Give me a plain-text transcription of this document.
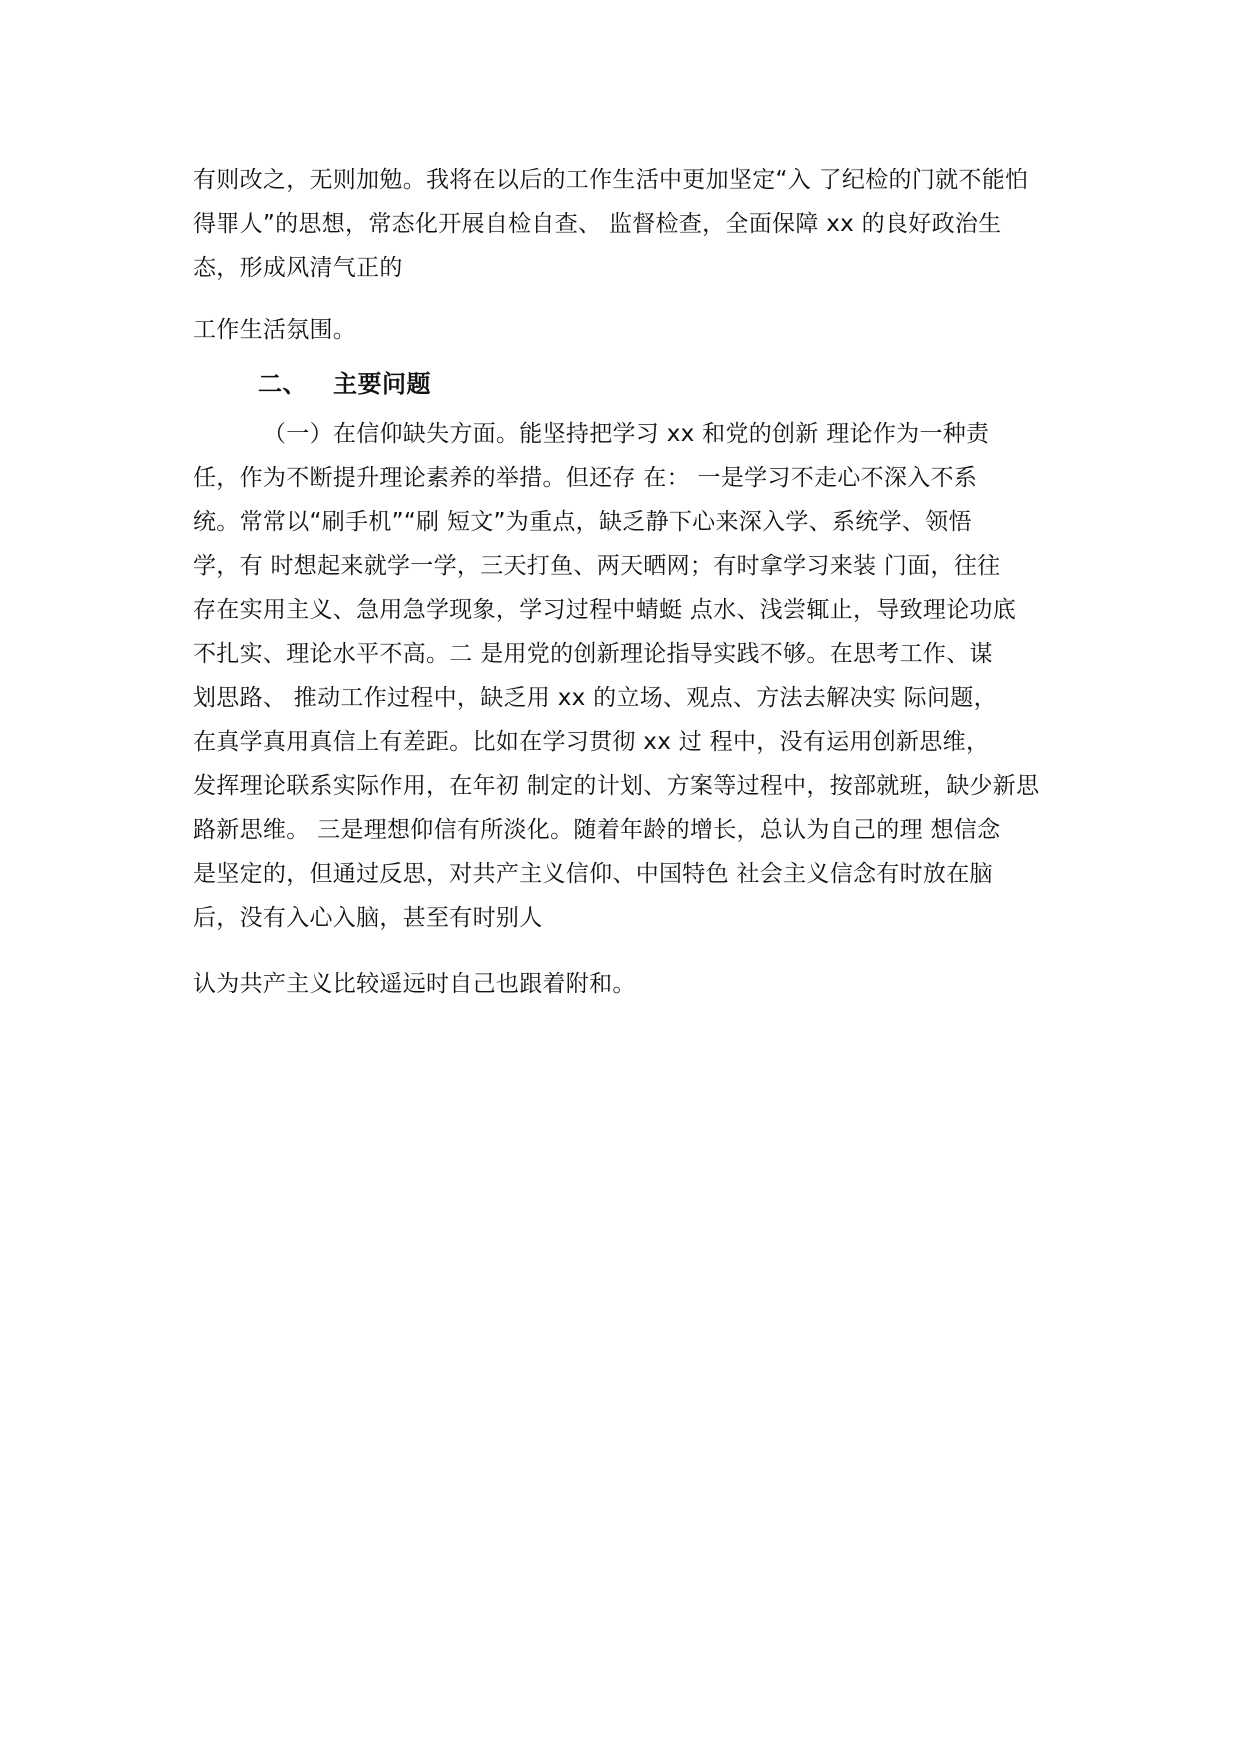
有则改之，无则加勉。我将在以后的工作生活中更加坚定“入 了纪检的门就不能怕
得罪人”的思想，常态化开展自检自查、 监督检查，全面保障 xx 的良好政治生
态，形成风清气正的
工作生活氛围。
二、 主要问题
（一）在信仰缺失方面。能坚持把学习 xx 和党的创新 理论作为一种责
任，作为不断提升理论素养的举措。但还存 在： 一是学习不走心不深入不系
统。常常以“刷手机”“刷 短文”为重点，缺乏静下心来深入学、系统学、领悟
学，有 时想起来就学一学，三天打鱼、两天晒网；有时拿学习来装 门面，往往
存在实用主义、急用急学现象，学习过程中蜻蜓 点水、浅尝辄止，导致理论功底
不扎实、理论水平不高。二 是用党的创新理论指导实践不够。在思考工作、谋
划思路、 推动工作过程中，缺乏用 xx 的立场、观点、方法去解决实 际问题，
在真学真用真信上有差距。比如在学习贯彻 xx 过 程中，没有运用创新思维，
发挥理论联系实际作用，在年初 制定的计划、方案等过程中，按部就班，缺少新思
路新思维。 三是理想仰信有所淡化。随着年龄的增长，总认为自己的理 想信念
是坚定的，但通过反思，对共产主义信仰、中国特色 社会主义信念有时放在脑
后，没有入心入脑，甚至有时别人
认为共产主义比较遥远时自己也跟着附和。
